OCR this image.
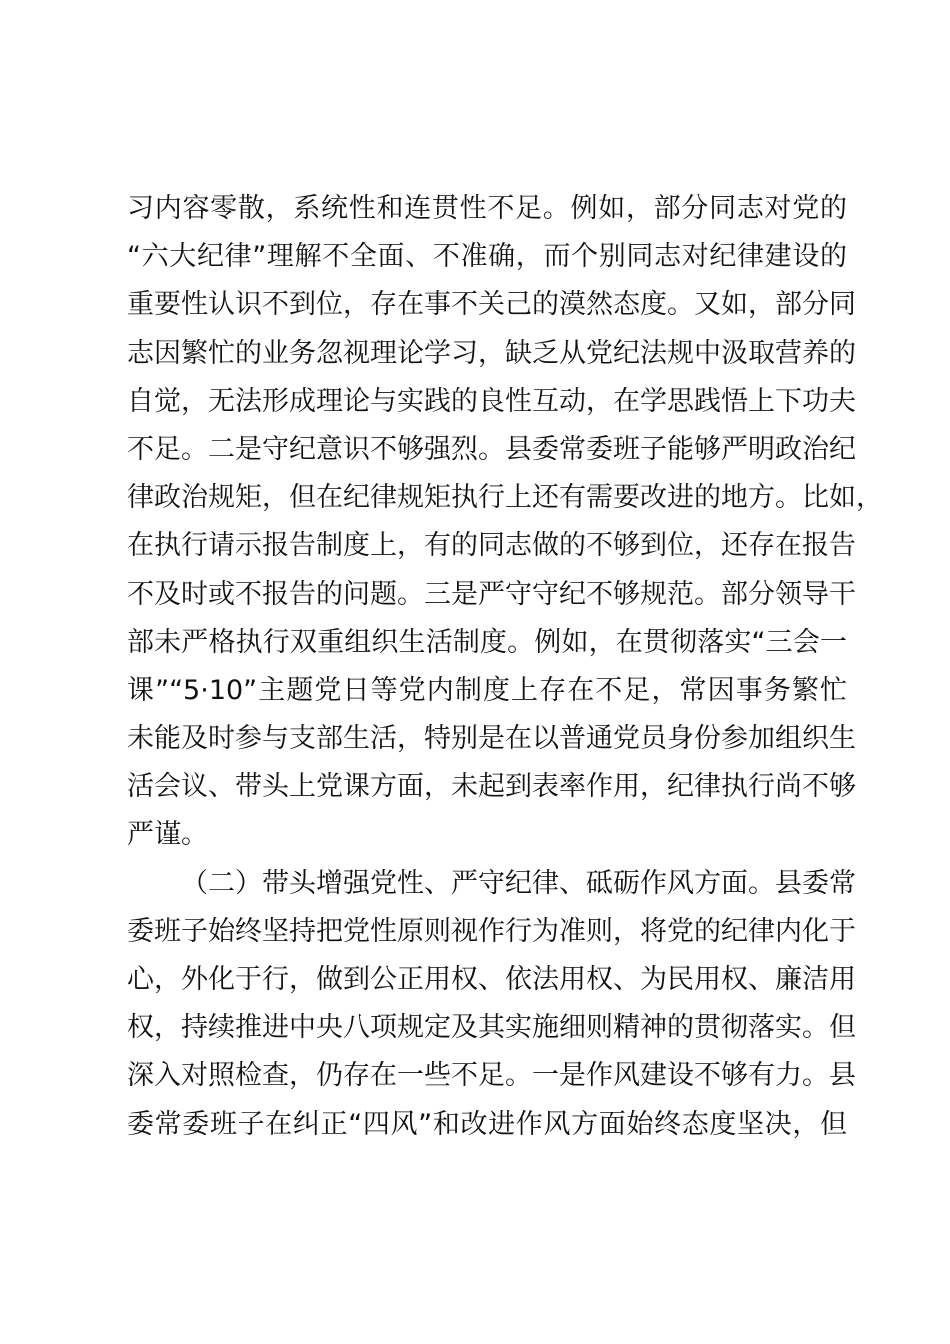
习内容零散，系统性和连贯性不足。例如，部分同志对党的
“六大纪律”理解不全面、不准确，而个别同志对纪律建设的
重要性认识不到位，存在事不关己的漠然态度。又如，部分同
志因繁忙的业务忽视理论学习，缺乏从党纪法规中汲取营养的
自觉，无法形成理论与实践的良性互动，在学思践悟上下功夫
不足。二是守纪意识不够强烈。县委常委班子能够严明政治纪
律政治规矩，但在纪律规矩执行上还有需要改进的地方。比如，
在执行请示报告制度上，有的同志做的不够到位，还存在报告
不及时或不报告的问题。三是严守守纪不够规范。部分领导干
部未严格执行双重组织生活制度。例如，在贯彻落实“三会一
课”“5·10”主题党日等党内制度上存在不足，常因事务繁忙
未能及时参与支部生活，特别是在以普通党员身份参加组织生
活会议、带头上党课方面，未起到表率作用，纪律执行尚不够
严谨。
（二）带头增强党性、严守纪律、砥砺作风方面。县委常
委班子始终坚持把党性原则视作行为准则，将党的纪律内化于
心，外化于行，做到公正用权、依法用权、为民用权、廉洁用
权，持续推进中央八项规定及其实施细则精神的贯彻落实。但
深入对照检查，仍存在一些不足。一是作风建设不够有力。县
委常委班子在纠正“四风”和改进作风方面始终态度坚决，但
